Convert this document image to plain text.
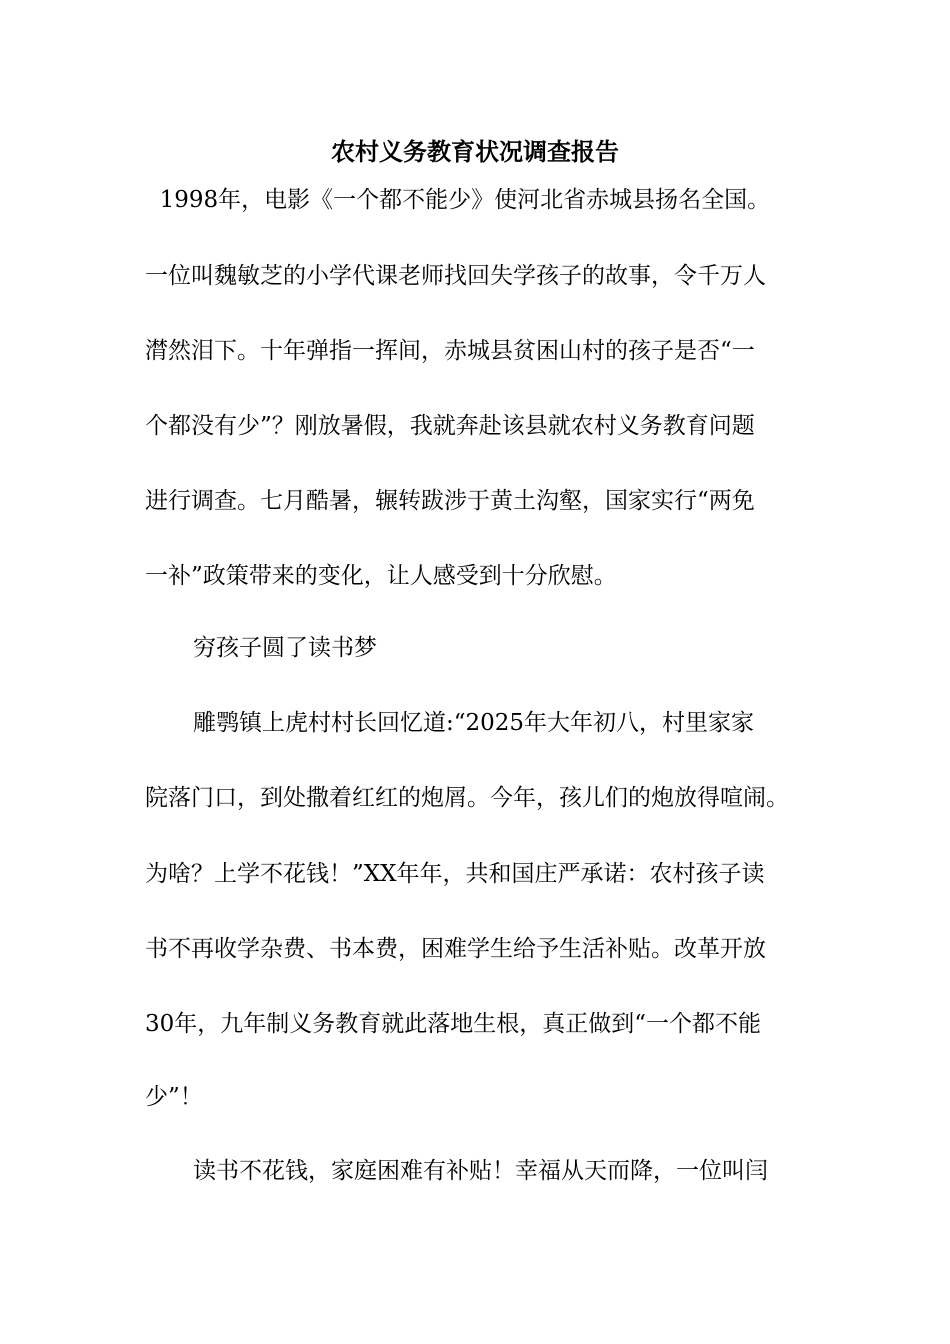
农村义务教育状况调查报告
1998年，电影《一个都不能少》使河北省赤城县扬名全国。
一位叫魏敏芝的小学代课老师找回失学孩子的故事，令千万人
潸然泪下。十年弹指一挥间，赤城县贫困山村的孩子是否“一
个都没有少”？刚放暑假，我就奔赴该县就农村义务教育问题
进行调查。七月酷暑，辗转跋涉于黄土沟壑，国家实行“两免
一补”政策带来的变化，让人感受到十分欣慰。
穷孩子圆了读书梦
雕鹗镇上虎村村长回忆道:“2025年大年初八，村里家家
院落门口，到处撒着红红的炮屑。今年，孩儿们的炮放得喧闹。
为啥？上学不花钱！”XX年年，共和国庄严承诺：农村孩子读
书不再收学杂费、书本费，困难学生给予生活补贴。改革开放
30年，九年制义务教育就此落地生根，真正做到“一个都不能
少”！
读书不花钱，家庭困难有补贴！幸福从天而降，一位叫闫
